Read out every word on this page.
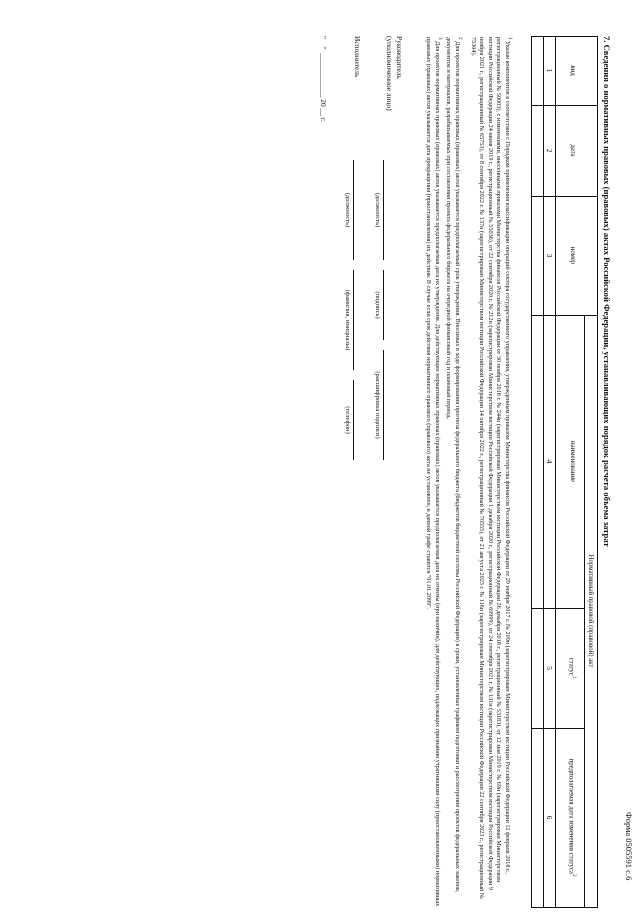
Форма 0505591 с.6
7. Сведения о нормативных правовых (правовых) актах Российской Федерации, устанавливающих порядок расчета объема затрат
Нормативный правовой (правовой) акт
вид
дата
номер
наименование
статус$^1$
предполагаемая дата изменения статуса$^2$
1
2
3
4
5
6
$^1$ Указан компонентов в соответствии с Порядком применения классификации операций сектора государственного управления, утвержденным приказом Министерства финансов Российской Федерации от 29 ноября 2017 г. № 209н (зарегистрирован Министерством юстиции Российской Федерации 12 февраля 2018 г., регистрационный № 50003), с изменениями, внесенными приказами Министерства финансов Российской Федерации от 30 ноября 2018 г. № 244н (зарегистрирован Министерством юстиции Российской Федерации 26 декабря 2018 г., регистрационный № 53183), от 12 мая 2019 г. № 69н (зарегистрирован Министерством юстиции Российской Федерации 24 июня 2019 г., регистрационный № 55036), от 22 сентября 2020 г. № 212н (зарегистрирован Министерством юстиции Российской Федерации 1 декабря 2020 г., регистрационный № 60999), от 24 сентября 2021 г. № 131н (зарегистрирован Министерством юстиции Российской Федерации 9 ноября 2021 г., регистрационный № 65753), от 8 сентября 2022 г. № 137н (зарегистрирован Министерством юстиции Российской Федерации 14 октября 2022 г., регистрационный № 70555), от 21 августа 2023 г. № 116н (зарегистрирован Министерством юстиции Российской Федерации 22 сентября 2023 г., регистрационный № 75304).
$^2$ Для проектов нормативных правовых (правовых) актов указывается предполагаемый срок утверждения. Вносимых в ходе формирования прогноза федерального бюджета (бюджетов бюджетной системы Российской Федерации) в сроки, установленные графиком подготовки и рассмотрения проектов федеральных законов, документов и материалов, разрабатываемых при составлении проекта федерального бюджета на очередной финансовый год и плановый период.
$^3$ Для проектов нормативных правовых (правовых) актов указывается предполагаемая дата их утверждения. Для действующих нормативных правовых (правовых) актов указывается предполагаемая дата их отмены (при наличии), для действующих, подлежащих признанию утратившими силу (приостановленными) нормативных правовых (правовых) актов указывается дата прекращения (приостановления) их действия. В случае если срок действия нормативного правового (правового) акта не установлен, в данной графе ставится "01.01.2099".
Руководитель
(уполномоченное лицо)
(должность)
(подпись)
(расшифровка подписи)
Исполнитель
(должность)
(фамилия, инициалы)
(телефон)
"    "  ____________ 20 __ г.
